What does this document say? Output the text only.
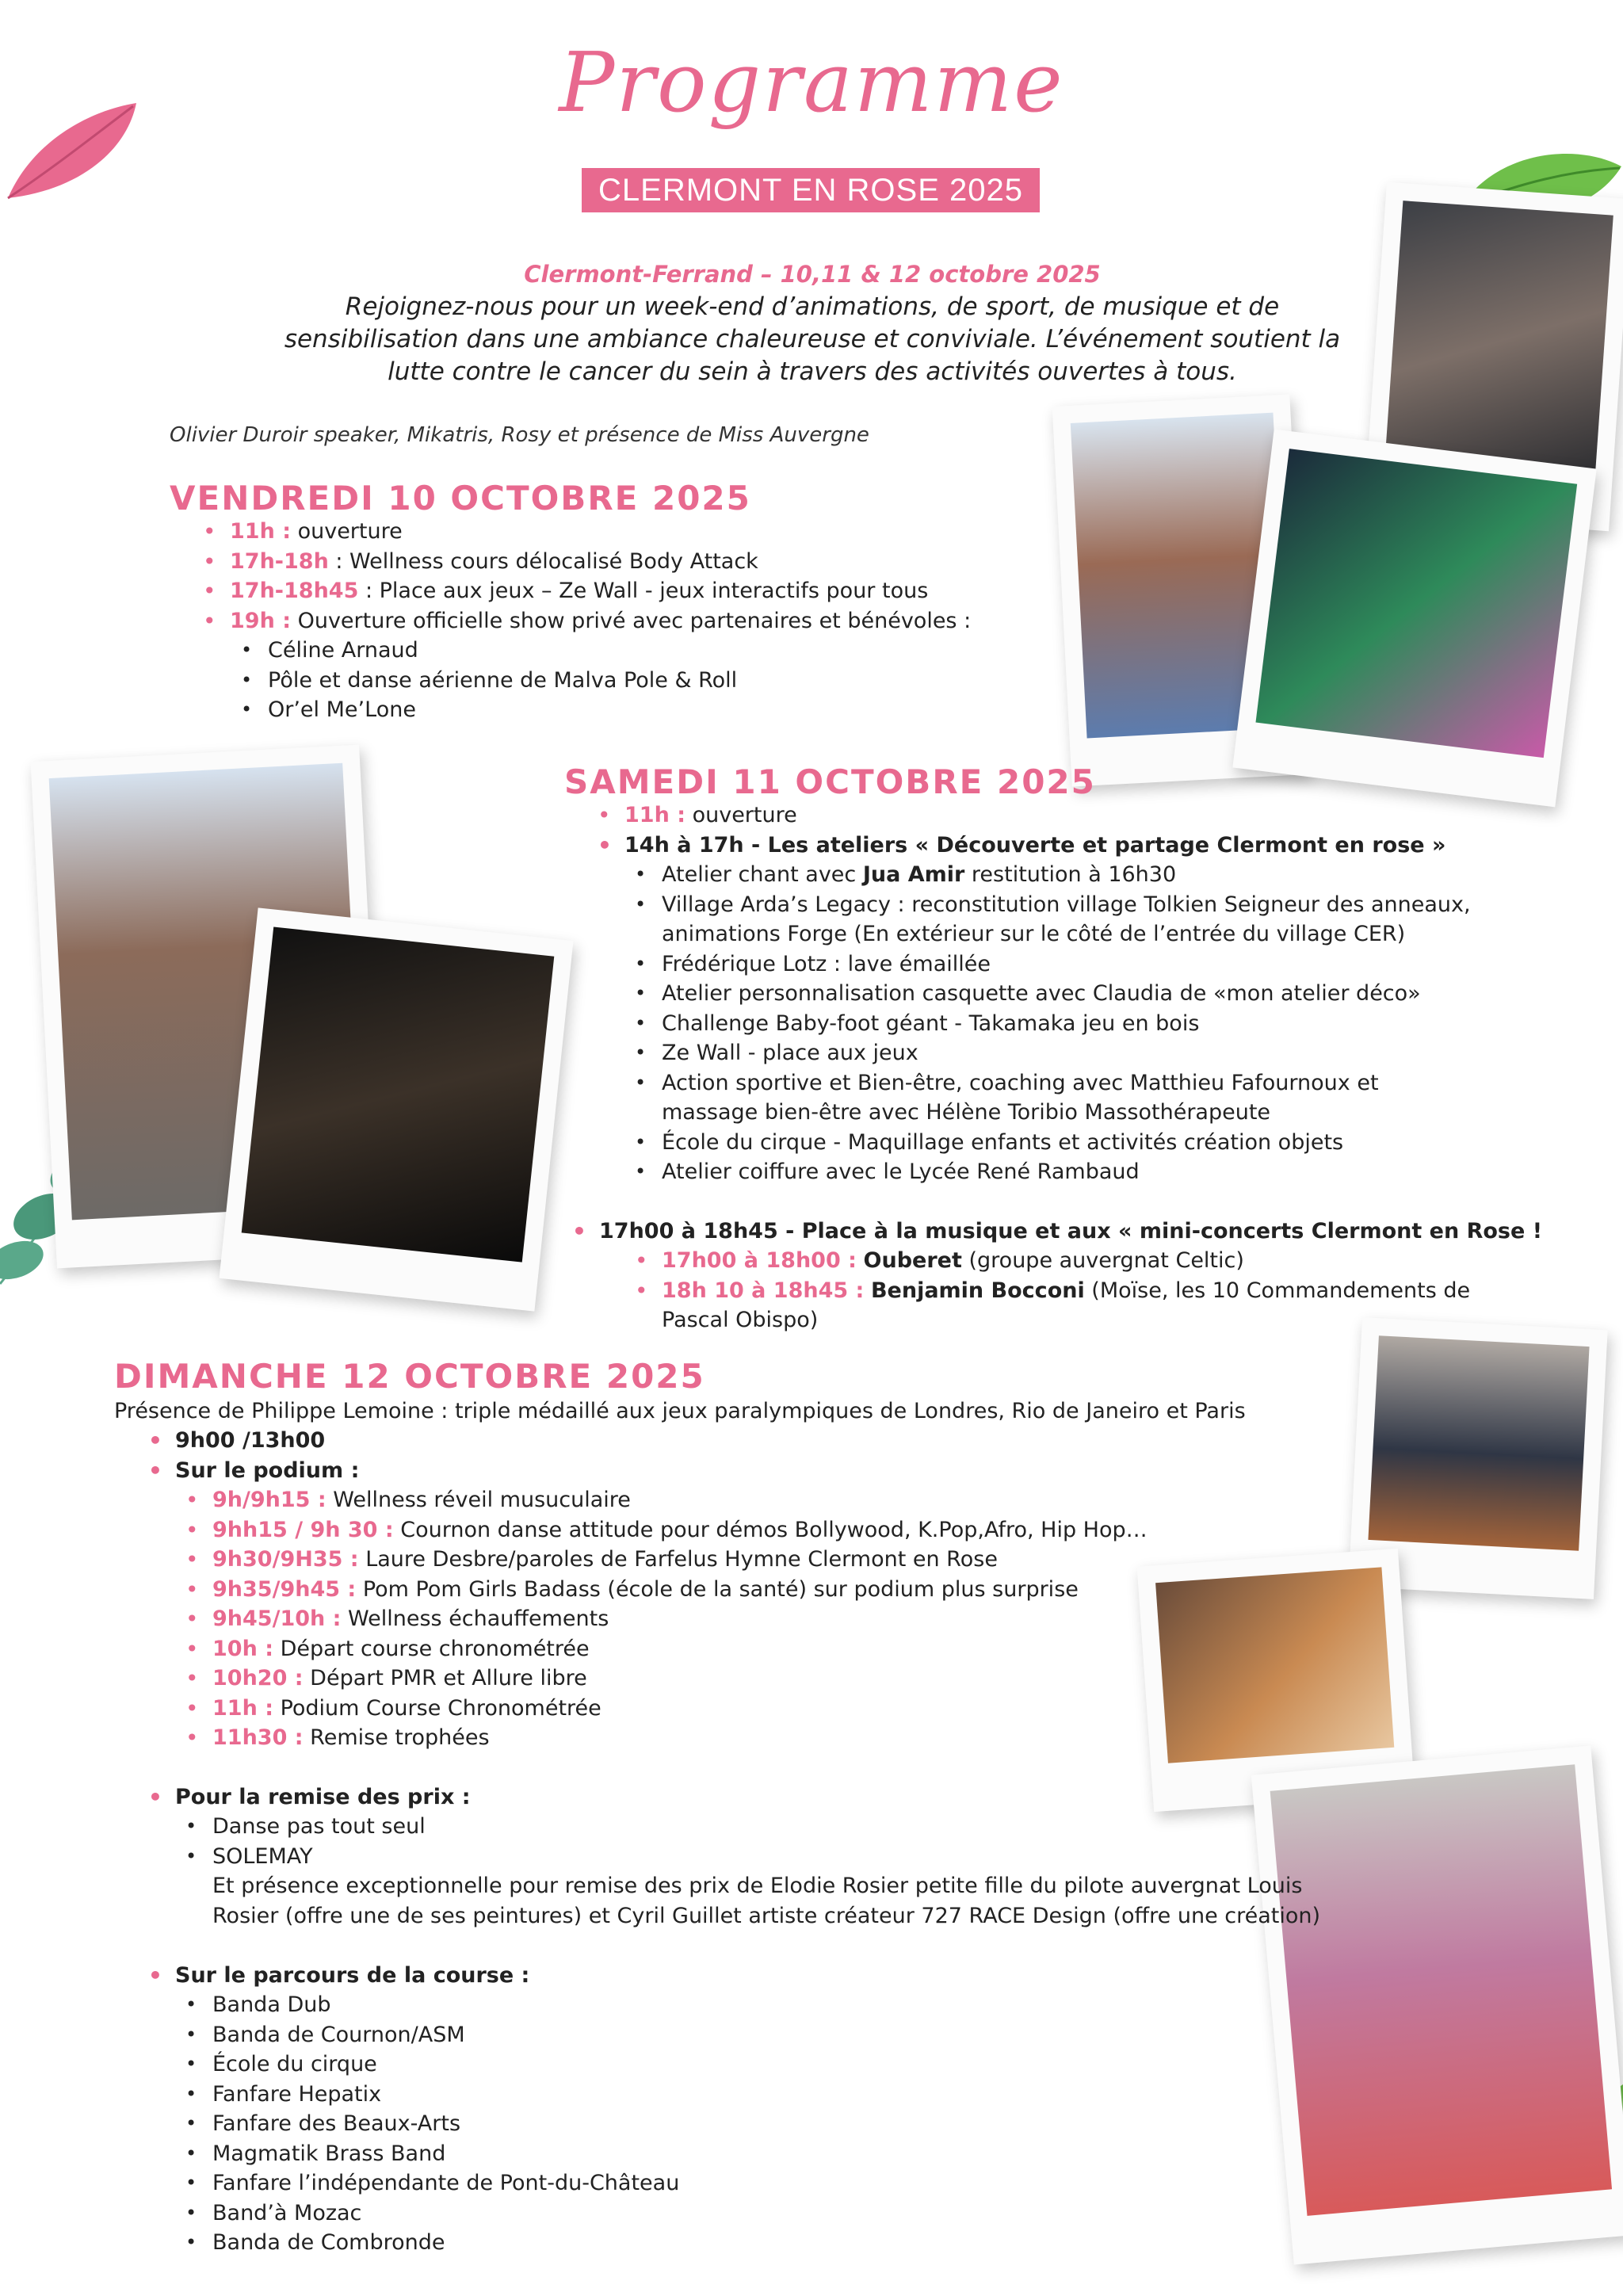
Programme
CLERMONT EN ROSE 2025
Clermont-Ferrand – 10,11 & 12 octobre 2025
Rejoignez-nous pour un week-end d’animations, de sport, de musique et de
sensibilisation dans une ambiance chaleureuse et conviviale. L’événement soutient la
lutte contre le cancer du sein à travers des activités ouvertes à tous.
Olivier Duroir speaker, Mikatris, Rosy et présence de Miss Auvergne
VENDREDI 10 OCTOBRE 2025
• 11h : ouverture
• 17h-18h : Wellness cours délocalisé Body Attack
• 17h-18h45 : Place aux jeux – Ze Wall - jeux interactifs pour tous
• 19h : Ouverture officielle show privé avec partenaires et bénévoles :
• Céline Arnaud
• Pôle et danse aérienne de Malva Pole & Roll
• Or’el Me’Lone
SAMEDI 11 OCTOBRE 2025
• 11h : ouverture
• 14h à 17h - Les ateliers « Découverte et partage Clermont en rose »
• Atelier chant avec Jua Amir restitution à 16h30
• Village Arda’s Legacy : reconstitution village Tolkien Seigneur des anneaux,
animations Forge (En extérieur sur le côté de l’entrée du village CER)
• Frédérique Lotz : lave émaillée
• Atelier personnalisation casquette avec Claudia de «mon atelier déco»
• Challenge Baby-foot géant - Takamaka jeu en bois
• Ze Wall - place aux jeux
• Action sportive et Bien-être, coaching avec Matthieu Fafournoux et
massage bien-être avec Hélène Toribio Massothérapeute
• École du cirque - Maquillage enfants et activités création objets
• Atelier coiffure avec le Lycée René Rambaud
• 17h00 à 18h45 - Place à la musique et aux « mini-concerts Clermont en Rose !
• 17h00 à 18h00 : Ouberet (groupe auvergnat Celtic)
• 18h 10 à 18h45 : Benjamin Bocconi (Moïse, les 10 Commandements de
Pascal Obispo)
DIMANCHE 12 OCTOBRE 2025
Présence de Philippe Lemoine : triple médaillé aux jeux paralympiques de Londres, Rio de Janeiro et Paris
• 9h00 /13h00
• Sur le podium :
• 9h/9h15 : Wellness réveil musuculaire
• 9hh15 / 9h 30 : Cournon danse attitude pour démos Bollywood, K.Pop,Afro, Hip Hop…
• 9h30/9H35 : Laure Desbre/paroles de Farfelus Hymne Clermont en Rose
• 9h35/9h45 : Pom Pom Girls Badass (école de la santé) sur podium plus surprise
• 9h45/10h : Wellness échauffements
• 10h : Départ course chronométrée
• 10h20 : Départ PMR et Allure libre
• 11h : Podium Course Chronométrée
• 11h30 : Remise trophées
• Pour la remise des prix :
• Danse pas tout seul
• SOLEMAY
Et présence exceptionnelle pour remise des prix de Elodie Rosier petite fille du pilote auvergnat Louis
Rosier (offre une de ses peintures) et Cyril Guillet artiste créateur 727 RACE Design (offre une création)
• Sur le parcours de la course :
• Banda Dub
• Banda de Cournon/ASM
• École du cirque
• Fanfare Hepatix
• Fanfare des Beaux-Arts
• Magmatik Brass Band
• Fanfare l’indépendante de Pont-du-Château
• Band’à Mozac
• Banda de Combronde
